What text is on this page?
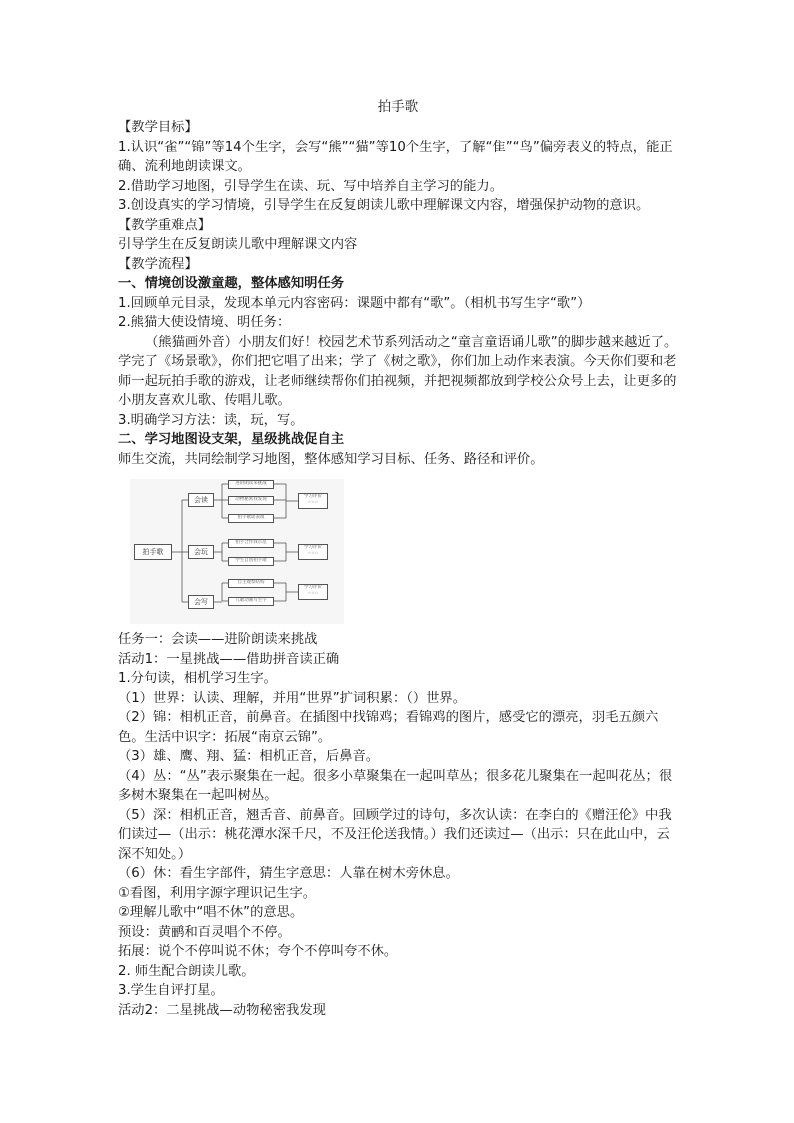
拍手歌
【教学目标】
1.认识“雀”“锦”等14个生字，会写“熊”“猫”等10个生字，了解“隹”“鸟”偏旁表义的特点，能正确、流利地朗读课文。
2.借助学习地图，引导学生在读、玩、写中培养自主学习的能力。
3.创设真实的学习情境，引导学生在反复朗读儿歌中理解课文内容，增强保护动物的意识。
【教学重难点】
引导学生在反复朗读儿歌中理解课文内容
【教学流程】
一、情境创设激童趣，整体感知明任务
1.回顾单元目录，发现本单元内容密码：课题中都有“歌”。（相机书写生字“歌”）
2.熊猫大使设情境、明任务：
（熊猫画外音）小朋友们好！校园艺术节系列活动之“童言童语诵儿歌”的脚步越来越近了。学完了《场景歌》，你们把它唱了出来；学了《树之歌》，你们加上动作来表演。今天你们要和老师一起玩拍手歌的游戏，让老师继续帮你们拍视频，并把视频都放到学校公众号上去，让更多的小朋友喜欢儿歌、传唱儿歌。
3.明确学习方法：读，玩，写。
二、学习地图设支架，星级挑战促自主
师生交流，共同绘制学习地图，整体感知学习目标、任务、路径和评价。
拍手歌
会读
进阶朗读来挑战
动物秘密我发现
拍手歌谣表演
学习评价
☆☆☆
会玩
拍手合作我示范
学生自创拍手歌
学习评价
☆☆☆
会写
自主观察结构
儿歌动画写生字
学习评价
☆☆☆
任务一：会读——进阶朗读来挑战
活动1：一星挑战——借助拼音读正确
1.分句读，相机学习生字。
（1）世界：认读、理解，并用“世界”扩词积累：（）世界。
（2）锦：相机正音，前鼻音。在插图中找锦鸡；看锦鸡的图片，感受它的漂亮，羽毛五颜六色。生活中识字：拓展“南京云锦”。
（3）雄、鹰、翔、猛：相机正音，后鼻音。
（4）丛：“丛”表示聚集在一起。很多小草聚集在一起叫草丛；很多花儿聚集在一起叫花丛；很多树木聚集在一起叫树丛。
（5）深：相机正音，翘舌音、前鼻音。回顾学过的诗句，多次认读：在李白的《赠汪伦》中我们读过—（出示：桃花潭水深千尺，不及汪伦送我情。）我们还读过—（出示：只在此山中，云深不知处。）
（6）休：看生字部件，猜生字意思：人靠在树木旁休息。
①看图，利用字源字理识记生字。
②理解儿歌中“唱不休”的意思。
预设：黄鹂和百灵唱个不停。
拓展：说个不停叫说不休；夸个不停叫夸不休。
2. 师生配合朗读儿歌。
3.学生自评打星。
活动2：二星挑战—动物秘密我发现
